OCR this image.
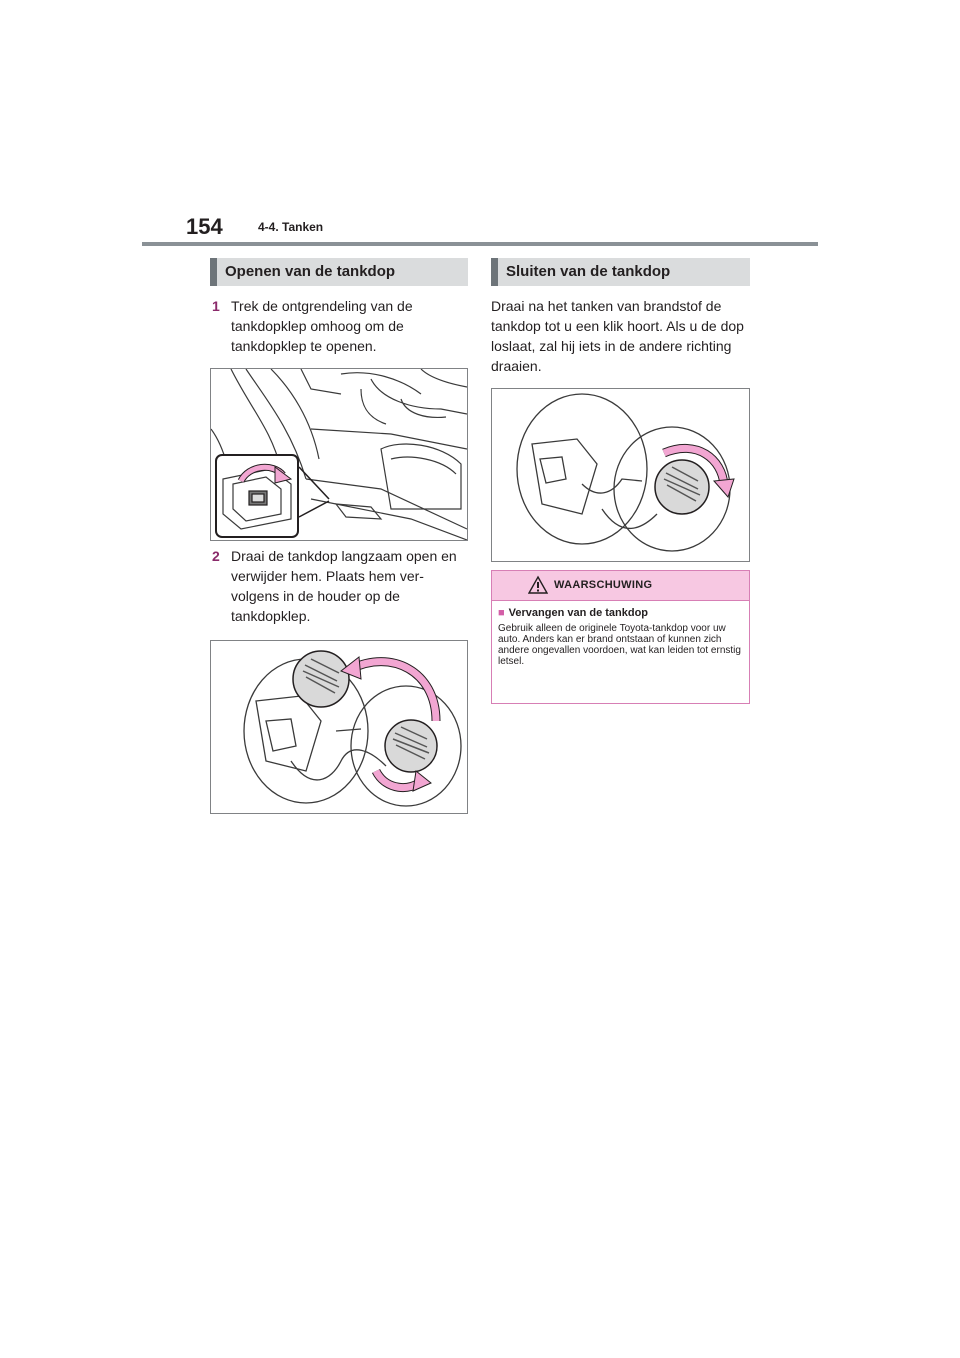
154	4-4. Tanken
Openen van de tankdop
1 Trek de ontgrendeling van de tankdopklep omhoog om de tankdopklep te openen.
2 Draai de tankdop langzaam open en verwijder hem. Plaats hem ver-volgens in de houder op de tankdopklep.
Sluiten van de tankdop
Draai na het tanken van brandstof de tankdop tot u een klik hoort. Als u de dop loslaat, zal hij iets in de andere richting draaien.
WAARSCHUWING
■ Vervangen van de tankdop
Gebruik alleen de originele Toyota-tankdop voor uw auto. Anders kan er brand ontstaan of kunnen zich andere ongevallen voordoen, wat kan leiden tot ernstig letsel.
